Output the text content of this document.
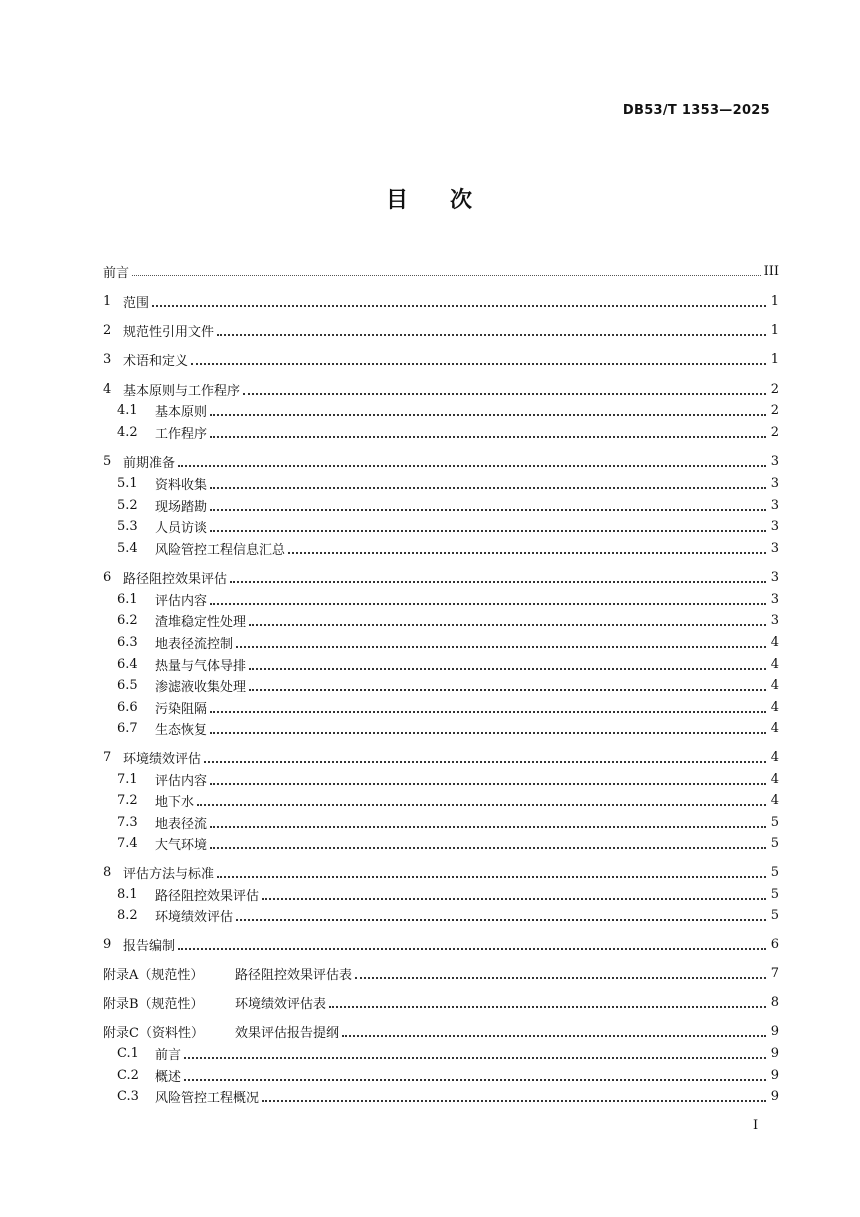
DB53/T 1353—2025
目 次
前言	III
1 范围	1
2 规范性引用文件	1
3 术语和定义	1
4 基本原则与工作程序	2
4.1	基本原则	2
4.2	工作程序	2
5 前期准备	3
5.1	资料收集	3
5.2	现场踏勘	3
5.3	人员访谈	3
5.4	风险管控工程信息汇总	3
6 路径阻控效果评估	3
6.1	评估内容	3
6.2	渣堆稳定性处理	3
6.3	地表径流控制	4
6.4	热量与气体导排	4
6.5	渗滤液收集处理	4
6.6	污染阻隔	4
6.7	生态恢复	4
7 环境绩效评估	4
7.1	评估内容	4
7.2	地下水	4
7.3	地表径流	5
7.4	大气环境	5
8 评估方法与标准	5
8.1	路径阻控效果评估	5
8.2	环境绩效评估	5
9 报告编制	6
附录A（规范性）	路径阻控效果评估表	7
附录B（规范性）	环境绩效评估表	8
附录C（资料性）	效果评估报告提纲	9
C.1	前言	9
C.2	概述	9
C.3	风险管控工程概况	9
I
